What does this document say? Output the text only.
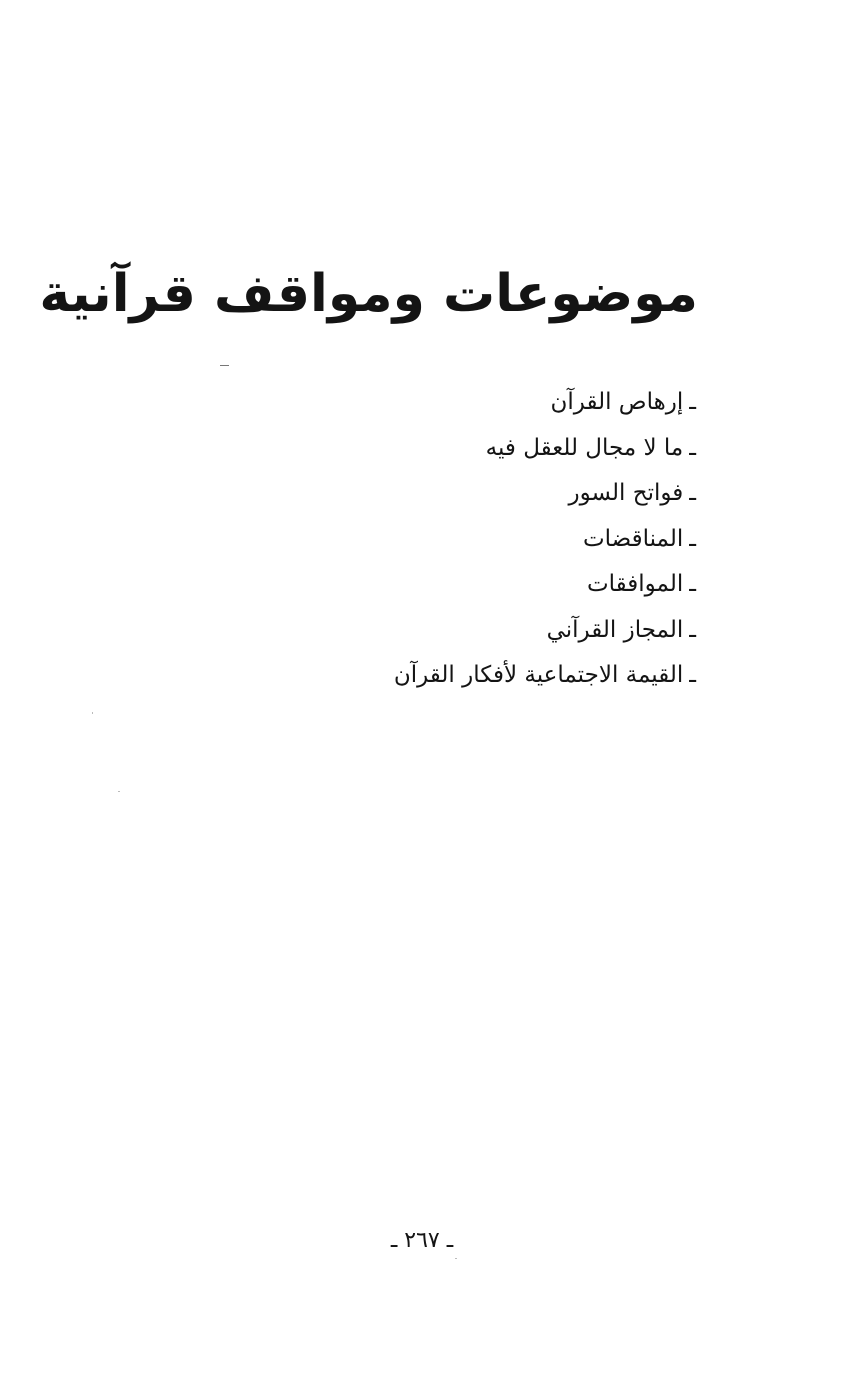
موضوعات ومواقف قرآنية
ـإرهاص القرآن
ـما لا مجال للعقل فيه
ـفواتح السور
ـالمناقضات
ـالموافقات
ـالمجاز القرآني
ـالقيمة الاجتماعية لأفكار القرآن
ـ ٢٦٧ ـ
